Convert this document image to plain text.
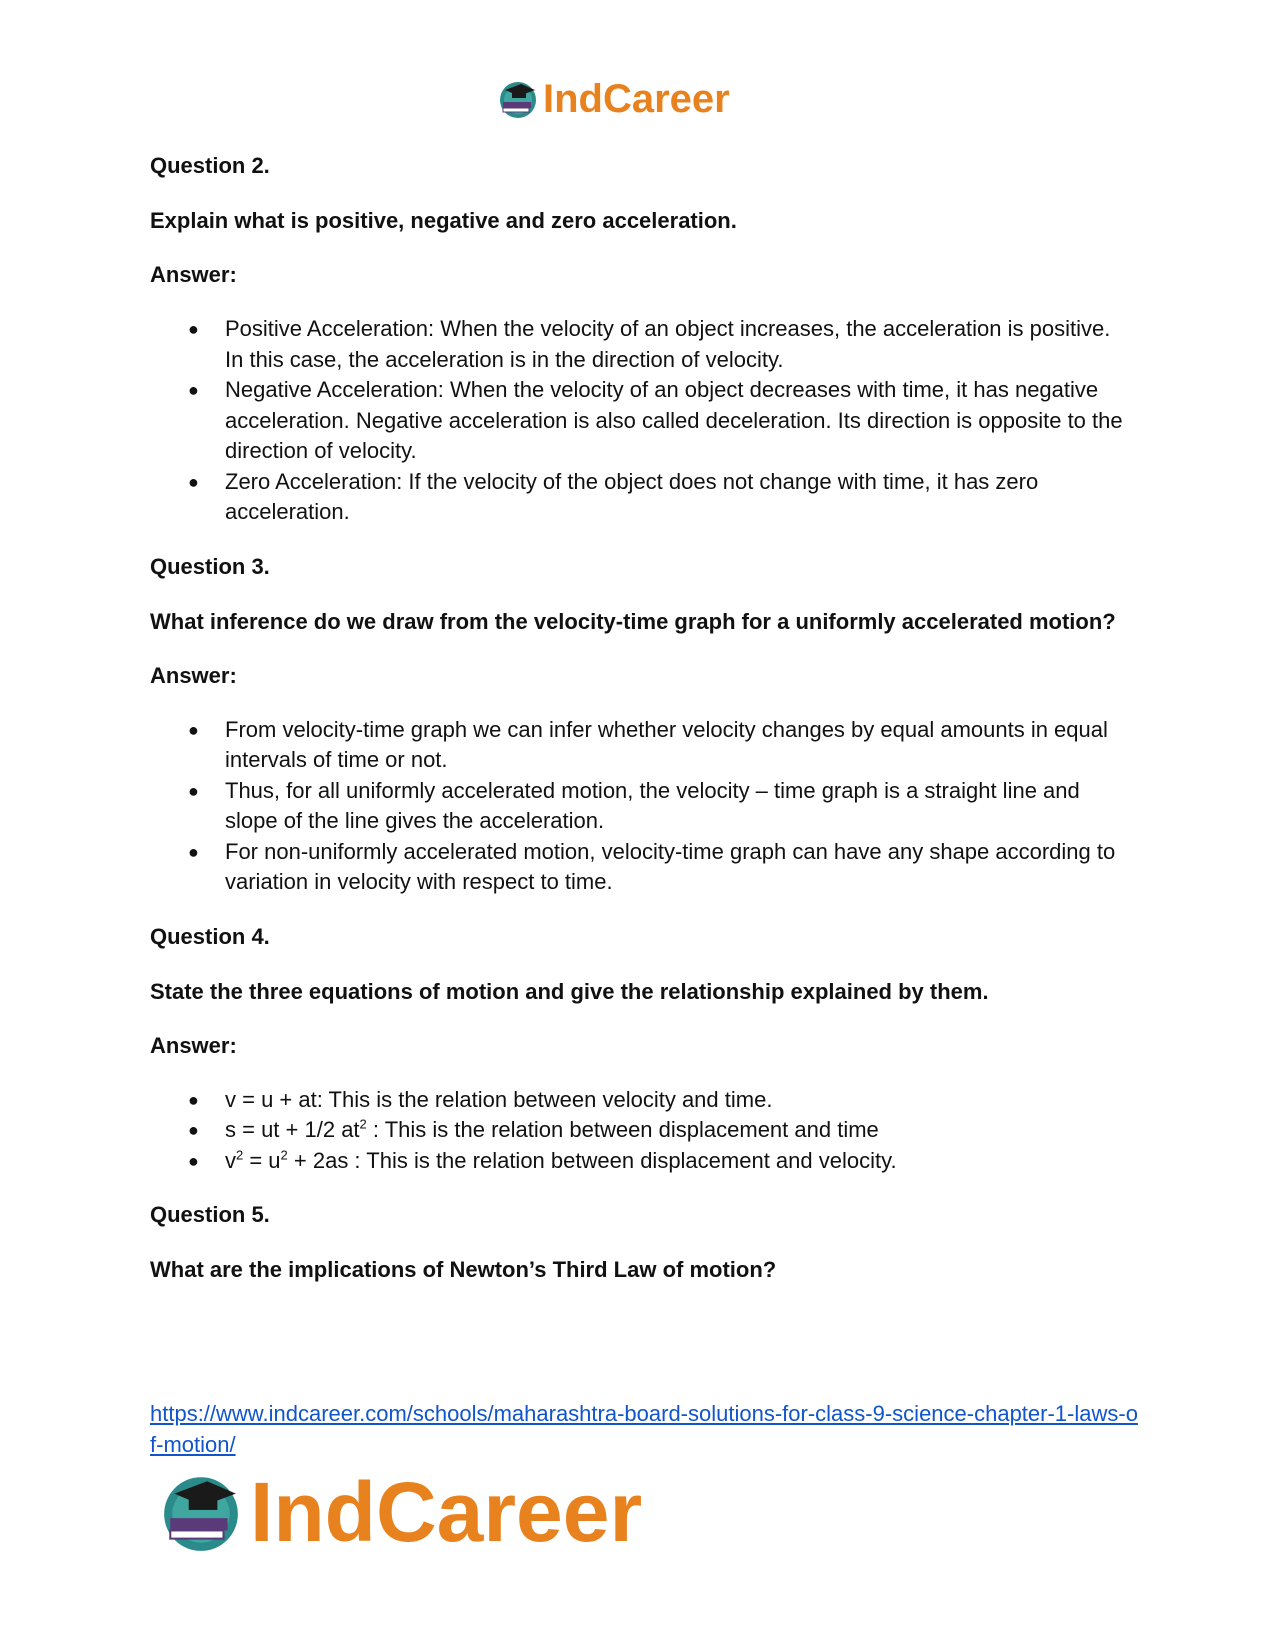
IndCareer

Question 2.

Explain what is positive, negative and zero acceleration.

Answer:

● Positive Acceleration: When the velocity of an object increases, the acceleration is positive. In this case, the acceleration is in the direction of velocity.
● Negative Acceleration: When the velocity of an object decreases with time, it has negative acceleration. Negative acceleration is also called deceleration. Its direction is opposite to the direction of velocity.
● Zero Acceleration: If the velocity of the object does not change with time, it has zero acceleration.

Question 3.

What inference do we draw from the velocity-time graph for a uniformly accelerated motion?

Answer:

● From velocity-time graph we can infer whether velocity changes by equal amounts in equal intervals of time or not.
● Thus, for all uniformly accelerated motion, the velocity – time graph is a straight line and slope of the line gives the acceleration.
● For non-uniformly accelerated motion, velocity-time graph can have any shape according to variation in velocity with respect to time.

Question 4.

State the three equations of motion and give the relationship explained by them.

Answer:

● v = u + at: This is the relation between velocity and time.
● s = ut + 1/2 $at^2$ : This is the relation between displacement and time
● $v^2 = u^2 + 2as$ : This is the relation between displacement and velocity.

Question 5.

What are the implications of Newton’s Third Law of motion?

https://www.indcareer.com/schools/maharashtra-board-solutions-for-class-9-science-chapter-1-laws-of-motion/
IndCareer
